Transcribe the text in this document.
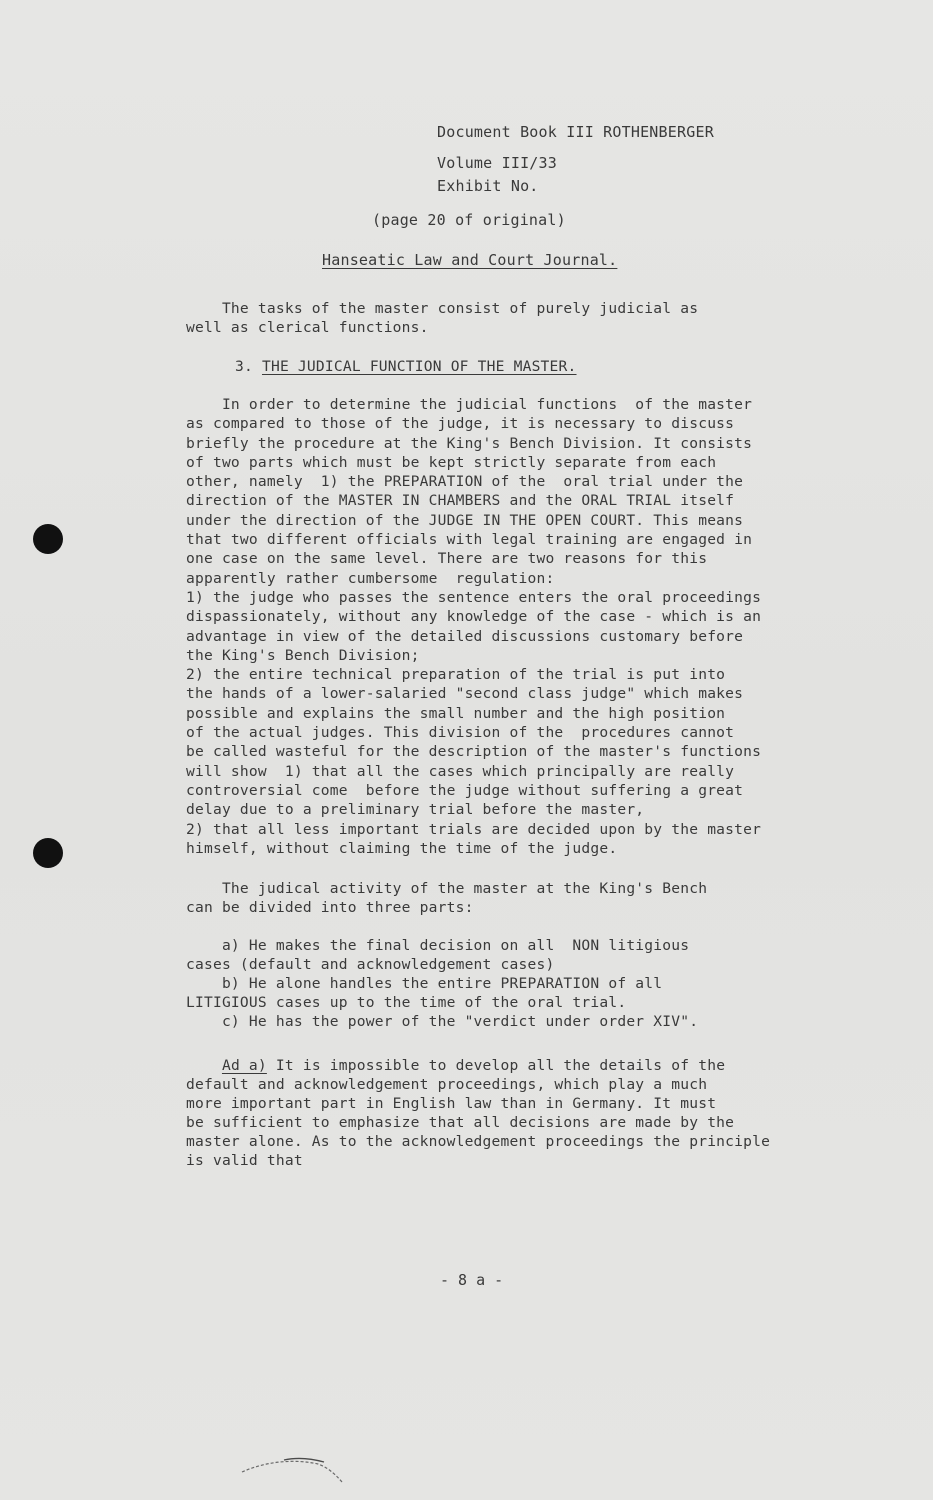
Document Book III ROTHENBERGER
Volume III/33
Exhibit No.
(page 20 of original)
Hanseatic Law and Court Journal.
The tasks of the master consist of purely judicial as
well as clerical functions.
3. THE JUDICAL FUNCTION OF THE MASTER.
In order to determine the judicial functions  of the master
as compared to those of the judge, it is necessary to discuss
briefly the procedure at the King's Bench Division. It consists
of two parts which must be kept strictly separate from each
other, namely  1) the PREPARATION of the  oral trial under the
direction of the MASTER IN CHAMBERS and the ORAL TRIAL itself
under the direction of the JUDGE IN THE OPEN COURT. This means
that two different officials with legal training are engaged in
one case on the same level. There are two reasons for this
apparently rather cumbersome  regulation:
1) the judge who passes the sentence enters the oral proceedings
dispassionately, without any knowledge of the case - which is an
advantage in view of the detailed discussions customary before
the King's Bench Division;
2) the entire technical preparation of the trial is put into
the hands of a lower-salaried "second class judge" which makes
possible and explains the small number and the high position
of the actual judges. This division of the  procedures cannot
be called wasteful for the description of the master's functions
will show  1) that all the cases which principally are really
controversial come  before the judge without suffering a great
delay due to a preliminary trial before the master,
2) that all less important trials are decided upon by the master
himself, without claiming the time of the judge.
The judical activity of the master at the King's Bench
can be divided into three parts:
a) He makes the final decision on all  NON litigious
cases (default and acknowledgement cases)
b) He alone handles the entire PREPARATION of all
LITIGIOUS cases up to the time of the oral trial.
c) He has the power of the "verdict under order XIV".
Ad a) It is impossible to develop all the details of the
default and acknowledgement proceedings, which play a much
more important part in English law than in Germany. It must
be sufficient to emphasize that all decisions are made by the
master alone. As to the acknowledgement proceedings the principle
is valid that
- 8 a -
